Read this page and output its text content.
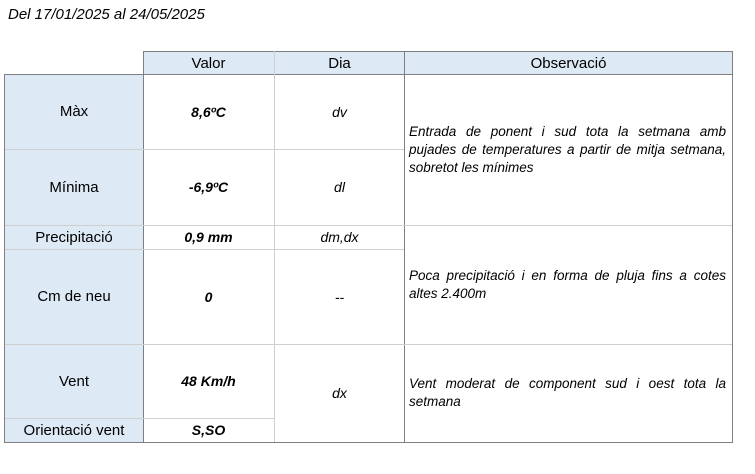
Del 17/01/2025 al 24/05/2025
Valor	Dia	Observació
Màx
Mínima
Precipitació
Cm de neu
Vent
Orientació vent
8,6ºC
-6,9ºC
0,9 mm
0
48 Km/h
S,SO
dv
dl
dm,dx
--
dx
Entrada de ponent i sud tota la setmana amb pujades de temperatures a partir de mitja setmana, sobretot les mínimes
Poca precipitació i en forma de pluja fins a cotes altes 2.400m
Vent moderat de component sud i oest tota la setmana
